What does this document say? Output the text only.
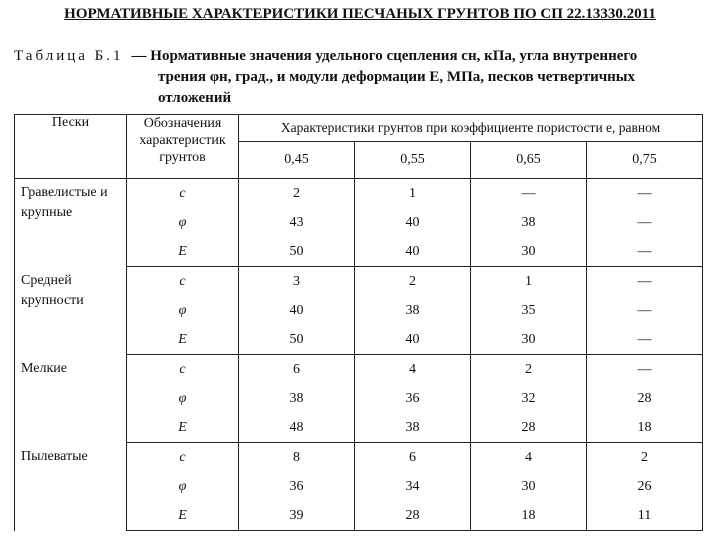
НОРМАТИВНЫЕ ХАРАКТЕРИСТИКИ ПЕСЧАНЫХ ГРУНТОВ ПО СП 22.13330.2011
Таблица Б.1 — Нормативные значения удельного сцепления cн, кПа, угла внутреннего
трения φн, град., и модули деформации E, МПа, песков четвертичных
отложений
Пески	Обозначения характеристик грунтов	Характеристики грунтов при коэффициенте пористости e, равном			
		0,45	0,55	0,65	0,75
Гравелистые и крупные	c	2	1	—	—
	φ	43	40	38	—
	E	50	40	30	—
Средней крупности	c	3	2	1	—
	φ	40	38	35	—
	E	50	40	30	—
Мелкие	c	6	4	2	—
	φ	38	36	32	28
	E	48	38	28	18
Пылеватые	c	8	6	4	2
	φ	36	34	30	26
	E	39	28	18	11
